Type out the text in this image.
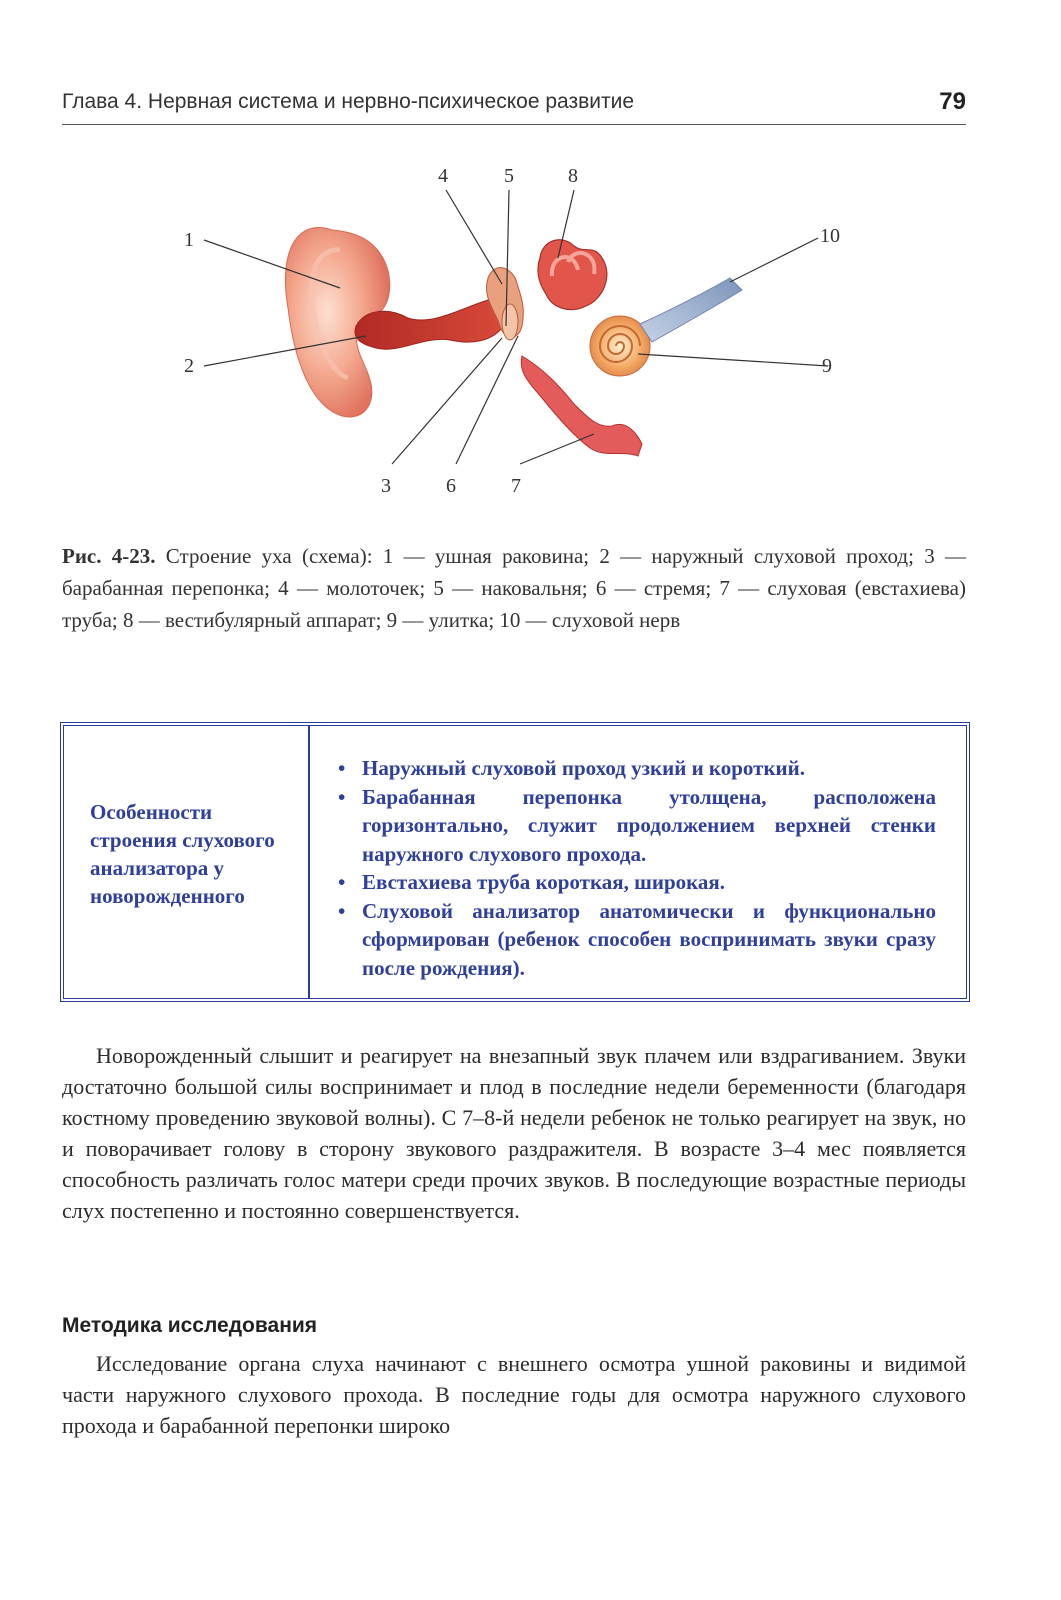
Глава 4. Нервная система и нервно-психическое развитие	79
1
2
3
4	5
6	7
8
9
10
Рис. 4-23. Строение уха (схема): 1 — ушная раковина; 2 — наружный слуховой проход; 3 — барабанная перепонка; 4 — молоточек; 5 — наковальня; 6 — стремя; 7 — слуховая (евстахиева) труба; 8 — вестибулярный аппарат; 9 — улитка; 10 — слуховой нерв
Особенности строения слухового анализатора у новорожденного
• Наружный слуховой проход узкий и короткий.
• Барабанная перепонка утолщена, расположена горизонтально, служит продолжением верхней стенки наружного слухового прохода.
• Евстахиева труба короткая, широкая.
• Слуховой анализатор анатомически и функционально сформирован (ребенок способен воспринимать звуки сразу после рождения).

Новорожденный слышит и реагирует на внезапный звук плачем или вздрагиванием. Звуки достаточно большой силы воспринимает и плод в последние недели беременности (благодаря костному проведению звуковой волны). С 7–8-й недели ребенок не только реагирует на звук, но и поворачивает голову в сторону звукового раздражителя. В возрасте 3–4 мес появляется способность различать голос матери среди прочих звуков. В последующие возрастные периоды слух постепенно и постоянно совершенствуется.

Методика исследования

Исследование органа слуха начинают с внешнего осмотра ушной раковины и видимой части наружного слухового прохода. В последние годы для осмотра наружного слухового прохода и барабанной перепонки широко
